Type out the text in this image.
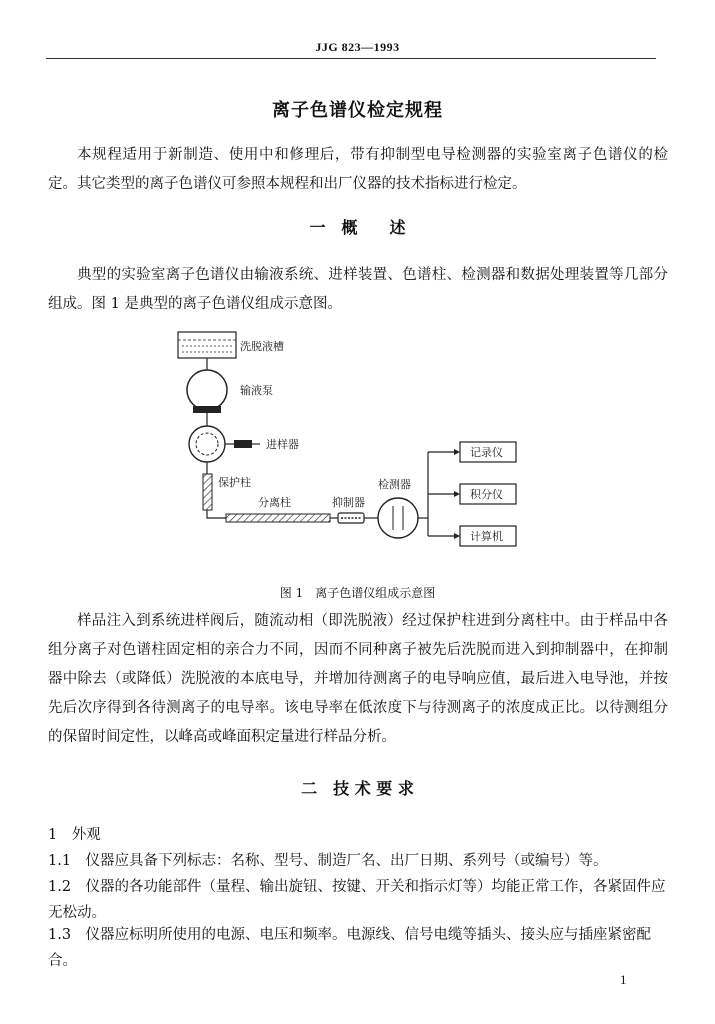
JJG 823—1993
离子色谱仪检定规程
本规程适用于新制造、使用中和修理后，带有抑制型电导检测器的实验室离子色谱仪的检定。其它类型的离子色谱仪可参照本规程和出厂仪器的技术指标进行检定。
一　概　　述
典型的实验室离子色谱仪由输液系统、进样装置、色谱柱、检测器和数据处理装置等几部分组成。图 1 是典型的离子色谱仪组成示意图。
洗脱液槽
输液泵
进样器
保护柱
分离柱	抑制器
检测器
记录仪
积分仪
计算机
图 1　离子色谱仪组成示意图
样品注入到系统进样阀后，随流动相（即洗脱液）经过保护柱进到分离柱中。由于样品中各组分离子对色谱柱固定相的亲合力不同，因而不同种离子被先后洗脱而进入到抑制器中，在抑制器中除去（或降低）洗脱液的本底电导，并增加待测离子的电导响应值，最后进入电导池，并按先后次序得到各待测离子的电导率。该电导率在低浓度下与待测离子的浓度成正比。以待测组分的保留时间定性，以峰高或峰面积定量进行样品分析。
二　技 术 要 求
1　外观
1.1　仪器应具备下列标志：名称、型号、制造厂名、出厂日期、系列号（或编号）等。
1.2　仪器的各功能部件（量程、输出旋钮、按键、开关和指示灯等）均能正常工作，各紧固件应无松动。
1.3　仪器应标明所使用的电源、电压和频率。电源线、信号电缆等插头、接头应与插座紧密配合。
1
